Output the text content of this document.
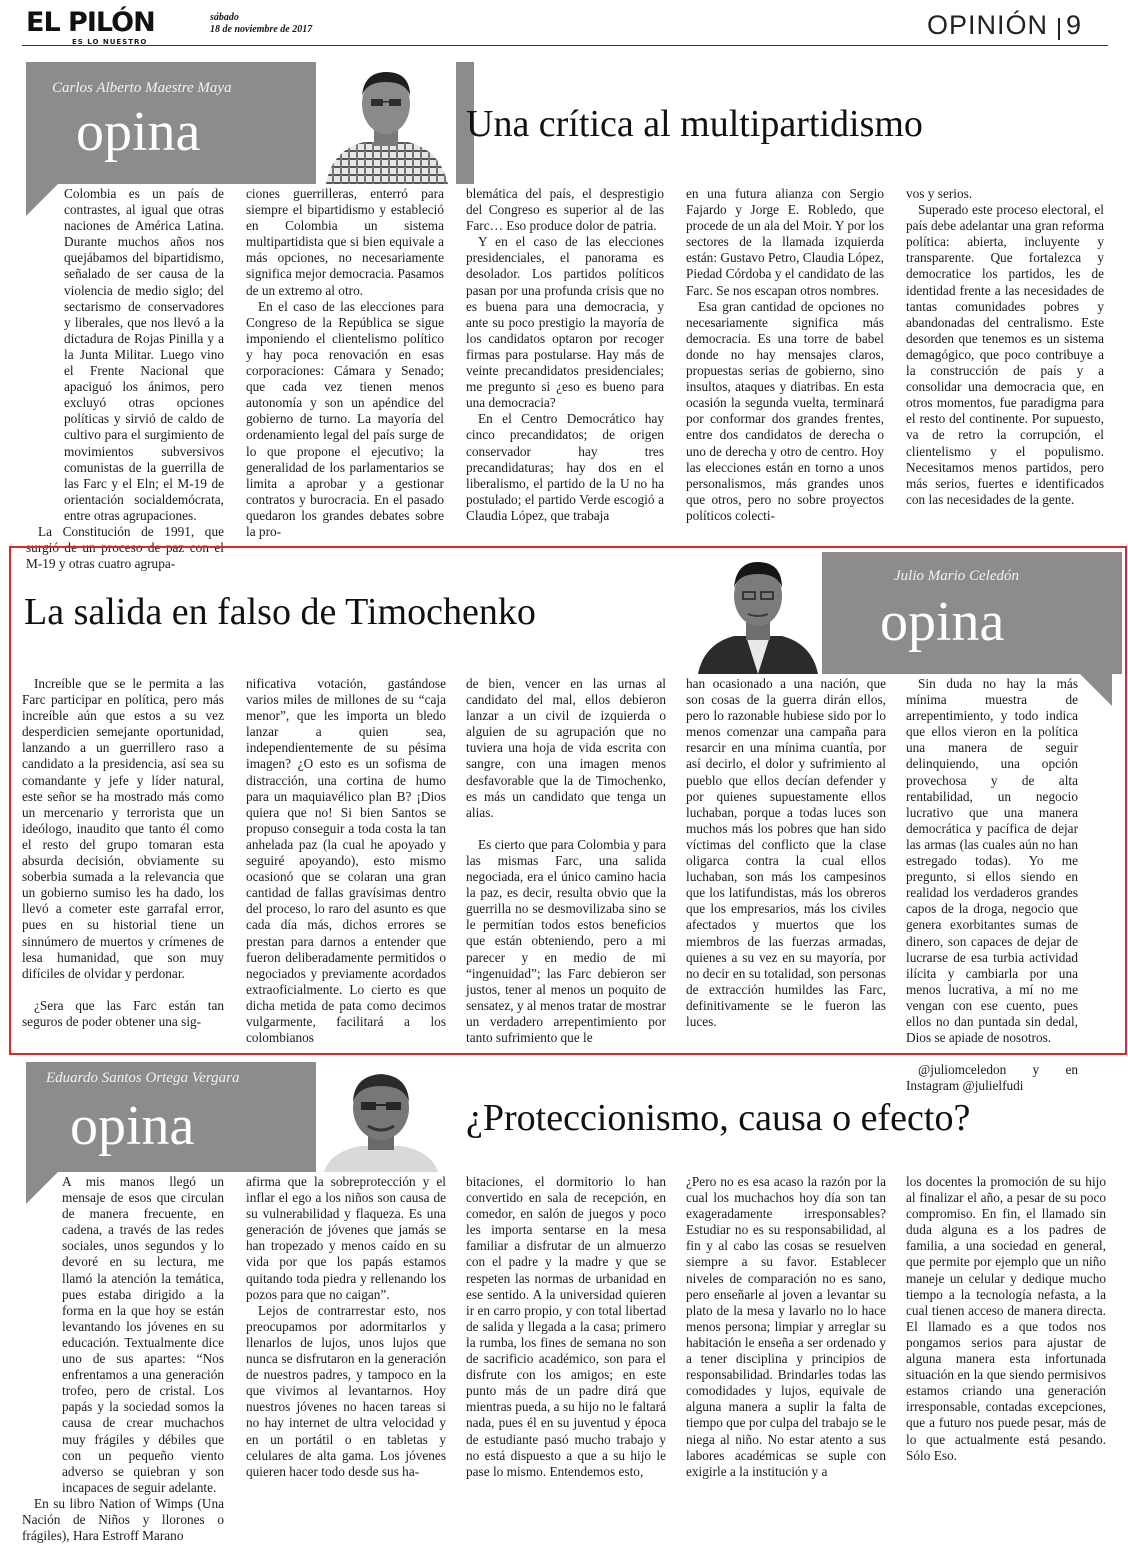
EL PILÓN
ES LO NUESTRO
sábado
18 de noviembre de 2017	OPINIÓN 9
Carlos Alberto Maestre Maya
opina	Una crítica al multipartidismo

Colombia es un país de contrastes, al igual que otras naciones de América Latina. Durante muchos años nos quejábamos del bipartidismo, señalado de ser causa de la violencia de medio siglo; del sectarismo de conservadores y liberales, que nos llevó a la dictadura de Rojas Pinilla y a la Junta Militar. Luego vino el Frente Nacional que apaciguó los ánimos, pero excluyó otras opciones políticas y sirvió de caldo de cultivo para el surgimiento de movimientos subversivos comunistas de la guerrilla de las Farc y el Eln; el M-19 de orientación socialdemócrata, entre otras agrupaciones.

La Constitución de 1991, que surgió de un proceso de paz con el M-19 y otras cuatro agrupa-

ciones guerrilleras, enterró para siempre el bipartidismo y estableció en Colombia un sistema multipartidista que si bien equivale a más opciones, no necesariamente significa mejor democracia. Pasamos de un extremo al otro.

En el caso de las elecciones para Congreso de la República se sigue imponiendo el clientelismo político y hay poca renovación en esas corporaciones: Cámara y Senado; que cada vez tienen menos autonomía y son un apéndice del gobierno de turno. La mayoría del ordenamiento legal del país surge de lo que propone el ejecutivo; la generalidad de los parlamentarios se limita a aprobar y a gestionar contratos y burocracia. En el pasado quedaron los grandes debates sobre la pro-

blemática del país, el desprestigio del Congreso es superior al de las Farc… Eso produce dolor de patria.

Y en el caso de las elecciones presidenciales, el panorama es desolador. Los partidos políticos pasan por una profunda crisis que no es buena para una democracia, y ante su poco prestigio la mayoría de los candidatos optaron por recoger firmas para postularse. Hay más de veinte precandidatos presidenciales; me pregunto si ¿eso es bueno para una democracia?

En el Centro Democrático hay cinco precandidatos; de origen conservador hay tres precandidaturas; hay dos en el liberalismo, el partido de la U no ha postulado; el partido Verde escogió a Claudia López, que trabaja

en una futura alianza con Sergio Fajardo y Jorge E. Robledo, que procede de un ala del Moir. Y por los sectores de la llamada izquierda están: Gustavo Petro, Claudia López, Piedad Córdoba y el candidato de las Farc. Se nos escapan otros nombres.

Esa gran cantidad de opciones no necesariamente significa más democracia. Es una torre de babel donde no hay mensajes claros, propuestas serias de gobierno, sino insultos, ataques y diatribas. En esta ocasión la segunda vuelta, terminará por conformar dos grandes frentes, entre dos candidatos de derecha o uno de derecha y otro de centro. Hoy las elecciones están en torno a unos personalismos, más grandes unos que otros, pero no sobre proyectos políticos colecti-

vos y serios.

Superado este proceso electoral, el país debe adelantar una gran reforma política: abierta, incluyente y transparente. Que fortalezca y democratice los partidos, les de identidad frente a las necesidades de tantas comunidades pobres y abandonadas del centralismo. Este desorden que tenemos es un sistema demagógico, que poco contribuye a la construcción de país y a consolidar una democracia que, en otros momentos, fue paradigma para el resto del continente. Por supuesto, va de retro la corrupción, el clientelismo y el populismo. Necesitamos menos partidos, pero más serios, fuertes e identificados con las necesidades de la gente.

La salida en falso de Timochenko
Julio Mario Celedón
opina

Increíble que se le permita a las Farc participar en política, pero más increíble aún que estos a su vez desperdicien semejante oportunidad, lanzando a un guerrillero raso a candidato a la presidencia, así sea su comandante y jefe y líder natural, este señor se ha mostrado más como un mercenario y terrorista que un ideólogo, inaudito que tanto él como el resto del grupo tomaran esta absurda decisión, obviamente su soberbia sumada a la relevancia que un gobierno sumiso les ha dado, los llevó a cometer este garrafal error, pues en su historial tiene un sinnúmero de muertos y crímenes de lesa humanidad, que son muy difíciles de olvidar y perdonar.

¿Sera que las Farc están tan seguros de poder obtener una sig-

nificativa votación, gastándose varios miles de millones de su “caja menor”, que les importa un bledo lanzar a quien sea, independientemente de su pésima imagen? ¿O esto es un sofisma de distracción, una cortina de humo para un maquiavélico plan B? ¡Dios quiera que no! Si bien Santos se propuso conseguir a toda costa la tan anhelada paz (la cual he apoyado y seguiré apoyando), esto mismo ocasionó que se colaran una gran cantidad de fallas gravísimas dentro del proceso, lo raro del asunto es que cada día más, dichos errores se prestan para darnos a entender que fueron deliberadamente permitidos o negociados y previamente acordados extraoficialmente. Lo cierto es que dicha metida de pata como decimos vulgarmente, facilitará a los colombianos

de bien, vencer en las urnas al candidato del mal, ellos debieron lanzar a un civil de izquierda o alguien de su agrupación que no tuviera una hoja de vida escrita con sangre, con una imagen menos desfavorable que la de Timochenko, es más un candidato que tenga un alias.

Es cierto que para Colombia y para las mismas Farc, una salida negociada, era el único camino hacia la paz, es decir, resulta obvio que la guerrilla no se desmovilizaba sino se le permitían todos estos beneficios que están obteniendo, pero a mi parecer y en medio de mi “ingenuidad”; las Farc debieron ser justos, tener al menos un poquito de sensatez, y al menos tratar de mostrar un verdadero arrepentimiento por tanto sufrimiento que le

han ocasionado a una nación, que son cosas de la guerra dirán ellos, pero lo razonable hubiese sido por lo menos comenzar una campaña para resarcir en una mínima cuantía, por así decirlo, el dolor y sufrimiento al pueblo que ellos decían defender y por quienes supuestamente ellos luchaban, porque a todas luces son muchos más los pobres que han sido víctimas del conflicto que la clase oligarca contra la cual ellos luchaban, son más los campesinos que los latifundistas, más los obreros que los empresarios, más los civiles afectados y muertos que los miembros de las fuerzas armadas, quienes a su vez en su mayoría, por no decir en su totalidad, son personas de extracción humildes las Farc, definitivamente se le fueron las luces.

Sin duda no hay la más mínima muestra de arrepentimiento, y todo indica que ellos vieron en la política una manera de seguir delinquiendo, una opción provechosa y de alta rentabilidad, un negocio lucrativo que una manera democrática y pacífica de dejar las armas (las cuales aún no han estregado todas). Yo me pregunto, si ellos siendo en realidad los verdaderos grandes capos de la droga, negocio que genera exorbitantes sumas de dinero, son capaces de dejar de lucrarse de esa turbia actividad ilícita y cambiarla por una menos lucrativa, a mí no me vengan con ese cuento, pues ellos no dan puntada sin dedal, Dios se apiade de nosotros.

@juliomceledon y en Instagram @julielfudi

Eduardo Santos Ortega Vergara
opina	¿Proteccionismo, causa o efecto?

A mis manos llegó un mensaje de esos que circulan de manera frecuente, en cadena, a través de las redes sociales, unos segundos y lo devoré en su lectura, me llamó la atención la temática, pues estaba dirigido a la forma en la que hoy se están levantando los jóvenes en su educación. Textualmente dice uno de sus apartes: “Nos enfrentamos a una generación trofeo, pero de cristal. Los papás y la sociedad somos la causa de crear muchachos muy frágiles y débiles que con un pequeño viento adverso se quiebran y son incapaces de seguir adelante.

En su libro Nation of Wimps (Una Nación de Niños y llorones o frágiles), Hara Estroff Marano

afirma que la sobreprotección y el inflar el ego a los niños son causa de su vulnerabilidad y flaqueza. Es una generación de jóvenes que jamás se han tropezado y menos caído en su vida por que los papás estamos quitando toda piedra y rellenando los pozos para que no caigan”.

Lejos de contrarrestar esto, nos preocupamos por adormitarlos y llenarlos de lujos, unos lujos que nunca se disfrutaron en la generación de nuestros padres, y tampoco en la que vivimos al levantarnos. Hoy nuestros jóvenes no hacen tareas si no hay internet de ultra velocidad y en un portátil o en tabletas y celulares de alta gama. Los jóvenes quieren hacer todo desde sus ha-

bitaciones, el dormitorio lo han convertido en sala de recepción, en comedor, en salón de juegos y poco les importa sentarse en la mesa familiar a disfrutar de un almuerzo con el padre y la madre y que se respeten las normas de urbanidad en ese sentido. A la universidad quieren ir en carro propio, y con total libertad de salida y llegada a la casa; primero la rumba, los fines de semana no son de sacrificio académico, son para el disfrute con los amigos; en este punto más de un padre dirá que mientras pueda, a su hijo no le faltará nada, pues él en su juventud y época de estudiante pasó mucho trabajo y no está dispuesto a que a su hijo le pase lo mismo. Entendemos esto,

¿Pero no es esa acaso la razón por la cual los muchachos hoy día son tan exageradamente irresponsables? Estudiar no es su responsabilidad, al fin y al cabo las cosas se resuelven siempre a su favor. Establecer niveles de comparación no es sano, pero enseñarle al joven a levantar su plato de la mesa y lavarlo no lo hace menos persona; limpiar y arreglar su habitación le enseña a ser ordenado y a tener disciplina y principios de responsabilidad. Brindarles todas las comodidades y lujos, equivale de alguna manera a suplir la falta de tiempo que por culpa del trabajo se le niega al niño. No estar atento a sus labores académicas se suple con exigirle a la institución y a

los docentes la promoción de su hijo al finalizar el año, a pesar de su poco compromiso. En fin, el llamado sin duda alguna es a los padres de familia, a una sociedad en general, que permite por ejemplo que un niño maneje un celular y dedique mucho tiempo a la tecnología nefasta, a la cual tienen acceso de manera directa. El llamado es a que todos nos pongamos serios para ajustar de alguna manera esta infortunada situación en la que siendo permisivos estamos criando una generación irresponsable, contadas excepciones, que a futuro nos puede pesar, más de lo que actualmente está pesando. Sólo Eso.
